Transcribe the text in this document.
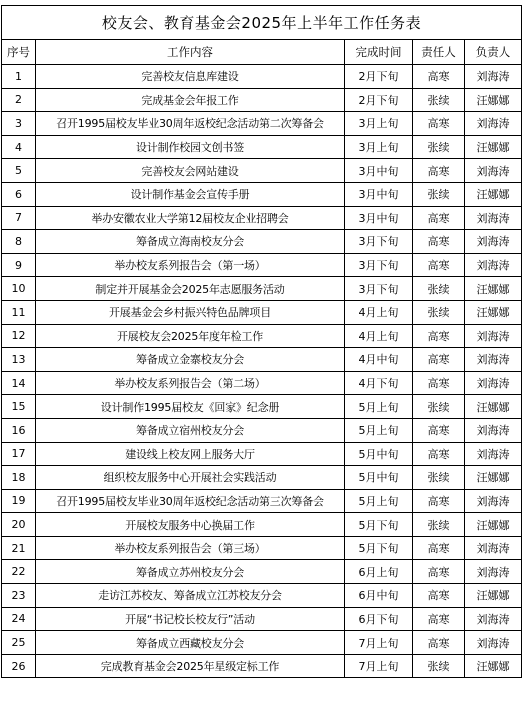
校友会、教育基金会2025年上半年工作任务表				
序号	工作内容	完成时间	责任人	负责人
1	完善校友信息库建设	2月下旬	高寒	刘海涛
2	完成基金会年报工作	2月下旬	张续	汪娜娜
3	召开1995届校友毕业30周年返校纪念活动第二次筹备会	3月上旬	高寒	刘海涛
4	设计制作校园文创书签	3月上旬	张续	汪娜娜
5	完善校友会网站建设	3月中旬	高寒	刘海涛
6	设计制作基金会宣传手册	3月中旬	张续	汪娜娜
7	举办安徽农业大学第12届校友企业招聘会	3月中旬	高寒	刘海涛
8	筹备成立海南校友分会	3月下旬	高寒	刘海涛
9	举办校友系列报告会（第一场）	3月下旬	高寒	刘海涛
10	制定并开展基金会2025年志愿服务活动	3月下旬	张续	汪娜娜
11	开展基金会乡村振兴特色品牌项目	4月上旬	张续	汪娜娜
12	开展校友会2025年度年检工作	4月上旬	高寒	刘海涛
13	筹备成立金寨校友分会	4月中旬	高寒	刘海涛
14	举办校友系列报告会（第二场）	4月下旬	高寒	刘海涛
15	设计制作1995届校友《回家》纪念册	5月上旬	张续	汪娜娜
16	筹备成立宿州校友分会	5月上旬	高寒	刘海涛
17	建设线上校友网上服务大厅	5月中旬	高寒	刘海涛
18	组织校友服务中心开展社会实践活动	5月中旬	张续	汪娜娜
19	召开1995届校友毕业30周年返校纪念活动第三次筹备会	5月上旬	高寒	刘海涛
20	开展校友服务中心换届工作	5月下旬	张续	汪娜娜
21	举办校友系列报告会（第三场）	5月下旬	高寒	刘海涛
22	筹备成立苏州校友分会	6月上旬	高寒	刘海涛
23	走访江苏校友、筹备成立江苏校友分会	6月中旬	高寒	汪娜娜
24	开展“书记校长校友行”活动	6月下旬	高寒	刘海涛
25	筹备成立西藏校友分会	7月上旬	高寒	刘海涛
26	完成教育基金会2025年星级定标工作	7月上旬	张续	汪娜娜
